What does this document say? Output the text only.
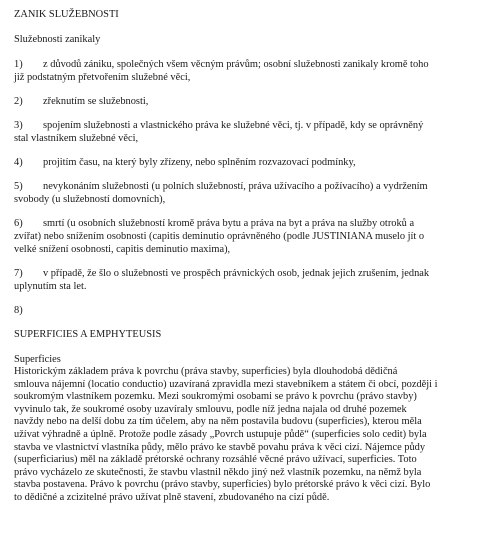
ZANIK SLUŽEBNOSTI

Služebnosti zanikaly

1) z důvodů zániku, společných všem věcným právům; osobní služebnosti zanikaly kromě toho
již podstatným přetvořením služebné věci,
2) zřeknutím se služebnosti,
3) spojením služebnosti a vlastnického práva ke služebné věci, tj. v případě, kdy se oprávněný
stal vlastníkem služebné věci,
4) projitím času, na který byly zřízeny, nebo splněním rozvazovací podmínky,
5) nevykonáním služebnosti (u polních služebností, práva užívacího a požívacího) a vydržením
svobody (u služebností domovních),
6) smrtí (u osobních služebností kromě práva bytu a práva na byt a práva na služby otroků a
zvířat) nebo snížením osobnosti (capitis deminutio oprávněného (podle JUSTINIANA muselo jít o
velké snížení osobnosti, capitis deminutio maxima),
7) v případě, že šlo o služebnosti ve prospěch právnických osob, jednak jejich zrušením, jednak
uplynutím sta let.
8)

SUPERFICIES A EMPHYTEUSIS

Superficies

Historickým základem práva k povrchu (práva stavby, superficies) byla dlouhodobá dědičná
smlouva nájemní (locatio conductio) uzavíraná zpravidla mezi stavebníkem a státem či obcí, později i
soukromým vlastníkem pozemku. Mezi soukromými osobami se právo k povrchu (právo stavby)
vyvinulo tak, že soukromé osoby uzavíraly smlouvu, podle níž jedna najala od druhé pozemek
navždy nebo na delší dobu za tím účelem, aby na něm postavila budovu (superficies), kterou měla
užívat výhradně a úplně. Protože podle zásady „Povrch ustupuje půdě“ (superficies solo cedit) byla
stavba ve vlastnictví vlastníka půdy, mělo právo ke stavbě povahu práva k věci cizí. Nájemce půdy
(superficiarius) měl na základě prétorské ochrany rozsáhlé věcné právo užívací, superficies. Toto
právo vycházelo ze skutečnosti, že stavbu vlastnil někdo jiný než vlastník pozemku, na němž byla
stavba postavena. Právo k povrchu (právo stavby, superficies) bylo prétorské právo k věci cizí. Bylo
to dědičné a zcizitelné právo užívat plně stavení, zbudovaného na cizí půdě.
